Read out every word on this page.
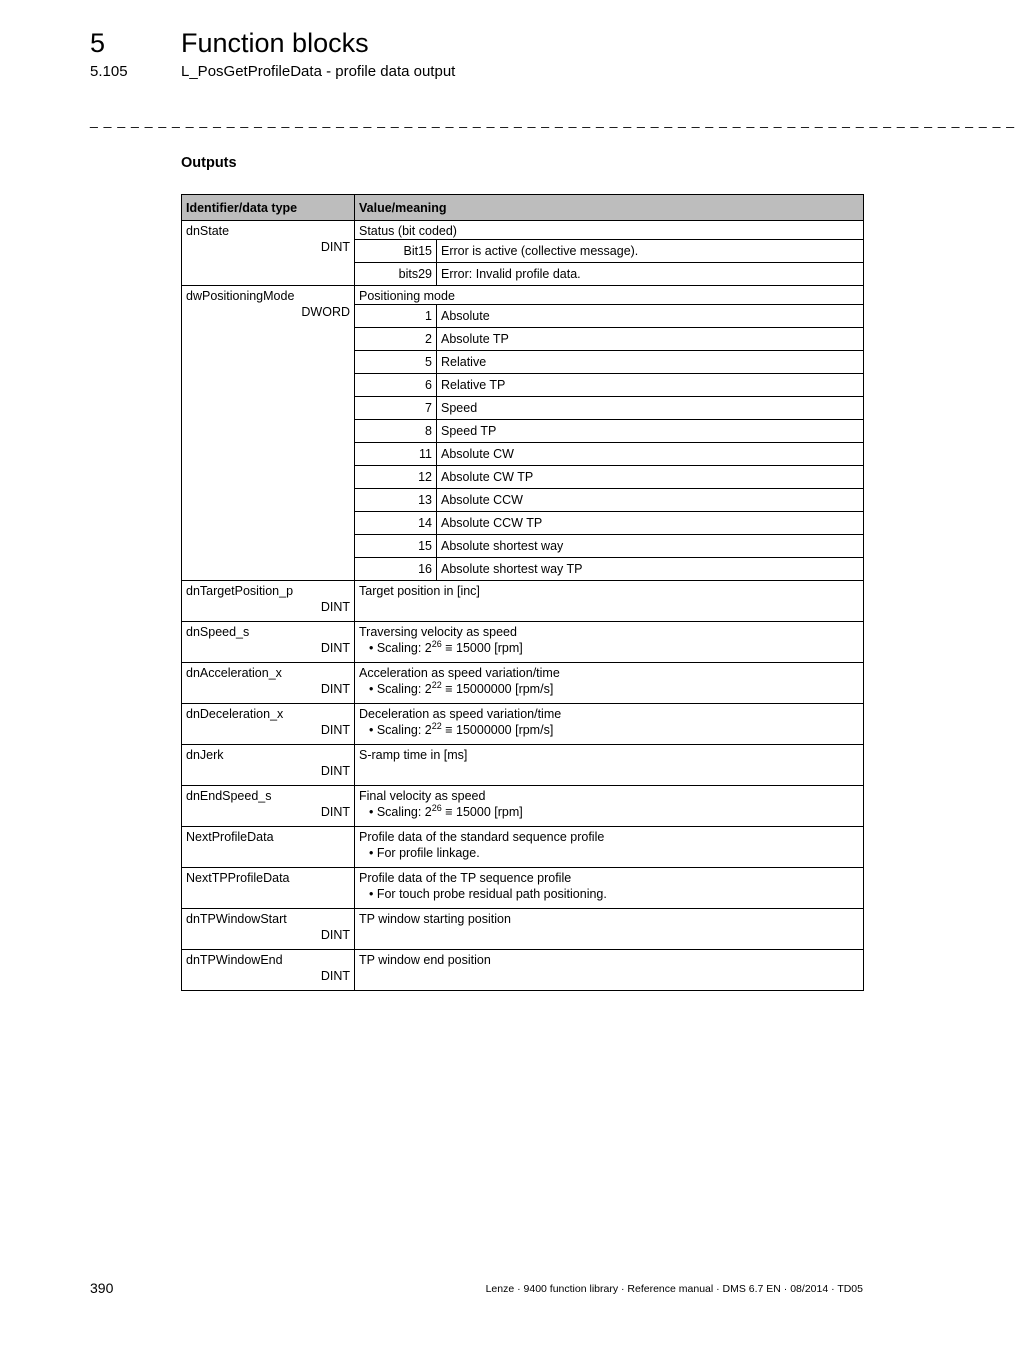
5	Function blocks
5.105	L_PosGetProfileData - profile data output
_ _ _ _ _ _ _ _ _ _ _ _ _ _ _ _ _ _ _ _ _ _ _ _ _ _ _ _ _ _ _ _ _ _ _ _ _ _ _ _ _ _ _ _ _ _ _ _ _ _ _ _ _ _ _ _ _ _ _ _ _ _ _ _ _ _ _ _
Outputs
Identifier/data type	Value/meaning	

dnState
DINT	Status (bit coded)	
	Bit15	Error is active (collective message).
	bits29	Error: Invalid profile data.

dwPositioningMode
DWORD	Positioning mode	
	1	Absolute
	2	Absolute TP
	5	Relative
	6	Relative TP
	7	Speed
	8	Speed TP
	11	Absolute CW
	12	Absolute CW TP
	13	Absolute CCW
	14	Absolute CCW TP
	15	Absolute shortest way
	16	Absolute shortest way TP

dnTargetPosition_p
DINT	Target position in [inc]	

dnSpeed_s
DINT	Traversing velocity as speed
• Scaling: $2^{26} \equiv 15000$ [rpm]	

dnAcceleration_x
DINT	Acceleration as speed variation/time
• Scaling: $2^{22} \equiv 15000000$ [rpm/s]	

dnDeceleration_x
DINT	Deceleration as speed variation/time
• Scaling: $2^{22} \equiv 15000000$ [rpm/s]	

dnJerk
DINT	S-ramp time in [ms]	

dnEndSpeed_s
DINT	Final velocity as speed
• Scaling: $2^{26} \equiv 15000$ [rpm]	

NextProfileData	Profile data of the standard sequence profile
• For profile linkage.	

NextTPProfileData	Profile data of the TP sequence profile
• For touch probe residual path positioning.	

dnTPWindowStart
DINT	TP window starting position	

dnTPWindowEnd
DINT	TP window end position	
390	Lenze · 9400 function library · Reference manual · DMS 6.7 EN · 08/2014 · TD05
